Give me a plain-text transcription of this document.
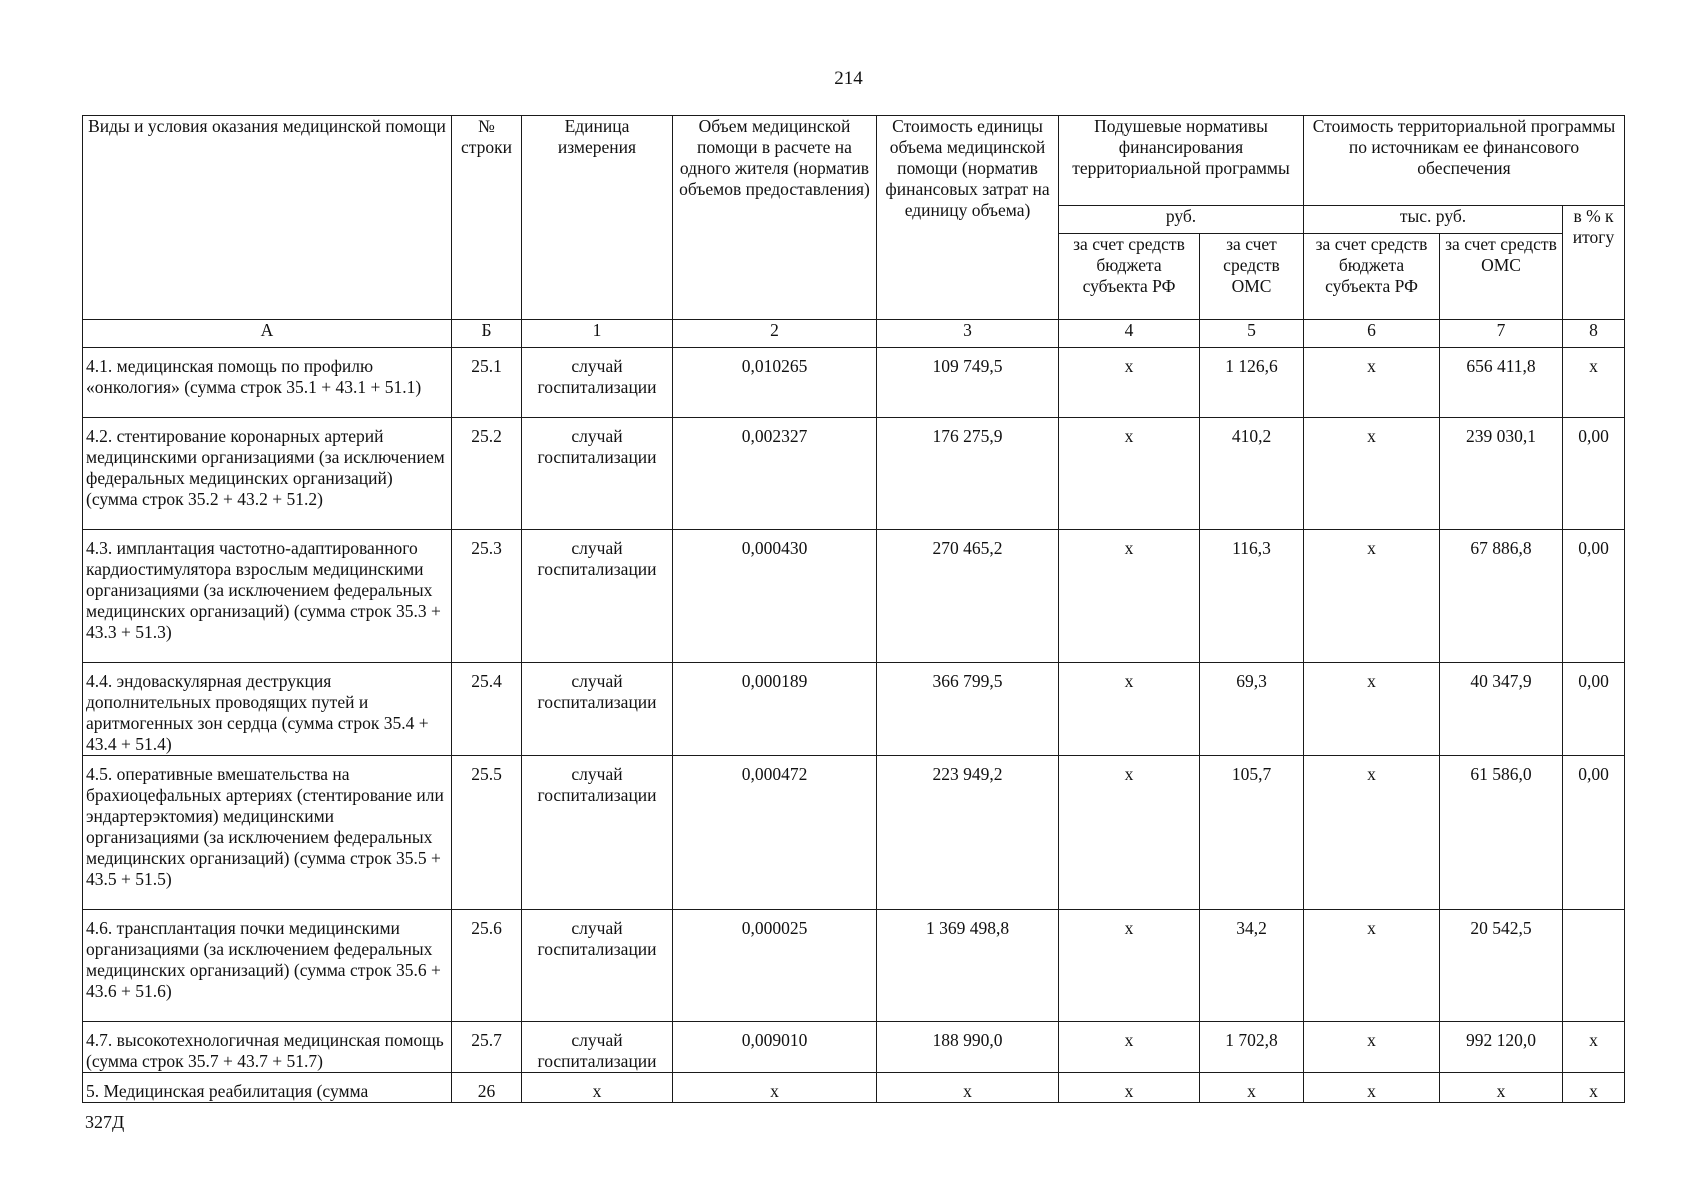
214
Виды и условия оказания медицинской помощи	№ строки	Единица измерения	Объем медицинской помощи в расчете на одного жителя (норматив объемов предоставления)	Стоимость единицы объема медицинской помощи (норматив финансовых затрат на единицу объема)	Подушевые нормативы финансирования территориальной программы		Стоимость территориальной программы по источникам ее финансового обеспечения		
					руб.		тыс. руб.		в % к итогу
					за счет средств бюджета субъекта РФ	за счет средств ОМС	за счет средств бюджета субъекта РФ	за счет средств ОМС	
А	Б	1	2	3	4	5	6	7	8
4.1. медицинская помощь по профилю «онкология» (сумма строк 35.1 + 43.1 + 51.1)	25.1	случай госпитализации	0,010265	109 749,5	х	1 126,6	х	656 411,8	х
4.2. стентирование коронарных артерий медицинскими организациями (за исключением федеральных медицинских организаций) (сумма строк 35.2 + 43.2 + 51.2)	25.2	случай госпитализации	0,002327	176 275,9	х	410,2	х	239 030,1	0,00
4.3. имплантация частотно-адаптированного кардиостимулятора взрослым медицинскими организациями (за исключением федеральных медицинских организаций) (сумма строк 35.3 + 43.3 + 51.3)	25.3	случай госпитализации	0,000430	270 465,2	х	116,3	х	67 886,8	0,00
4.4. эндоваскулярная деструкция дополнительных проводящих путей и аритмогенных зон сердца (сумма строк 35.4 + 43.4 + 51.4)	25.4	случай госпитализации	0,000189	366 799,5	х	69,3	х	40 347,9	0,00
4.5. оперативные вмешательства на брахиоцефальных артериях (стентирование или эндартерэктомия) медицинскими организациями (за исключением федеральных медицинских организаций) (сумма строк 35.5 + 43.5 + 51.5)	25.5	случай госпитализации	0,000472	223 949,2	х	105,7	х	61 586,0	0,00
4.6. трансплантация почки медицинскими организациями (за исключением федеральных медицинских организаций) (сумма строк 35.6 + 43.6 + 51.6)	25.6	случай госпитализации	0,000025	1 369 498,8	х	34,2	х	20 542,5	
4.7. высокотехнологичная медицинская помощь (сумма строк 35.7 + 43.7 + 51.7)	25.7	случай госпитализации	0,009010	188 990,0	х	1 702,8	х	992 120,0	х
5. Медицинская реабилитация (сумма	26	х	х	х	х	х	х	х	х
327Д
